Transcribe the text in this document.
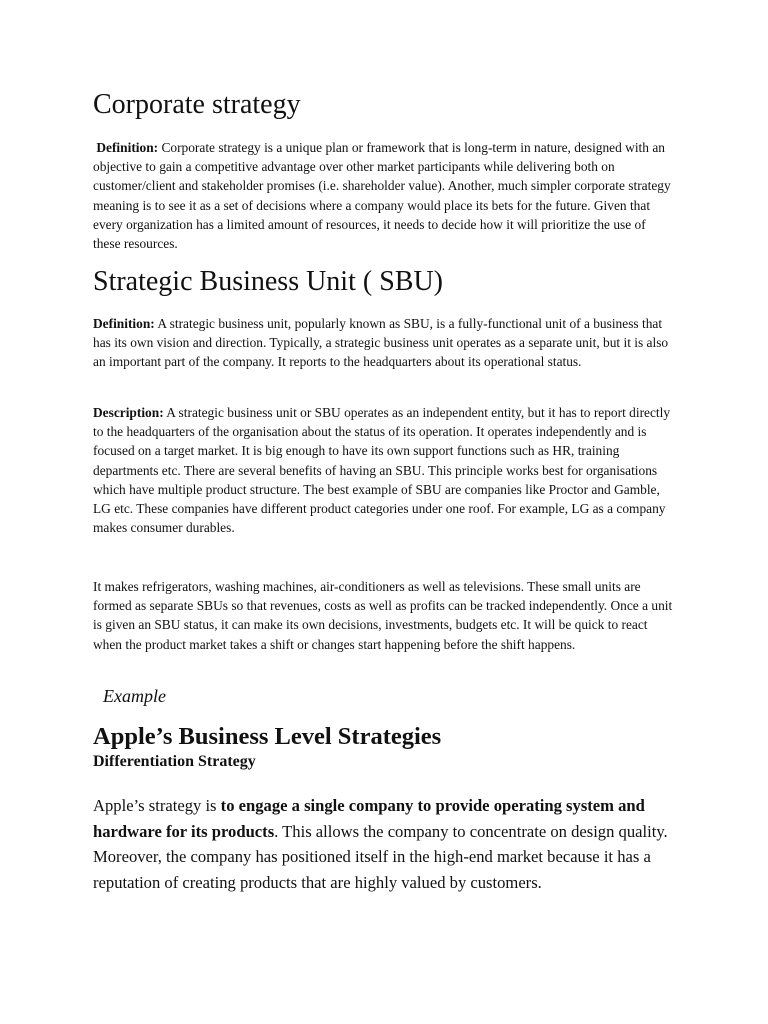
Corporate strategy

Definition: Corporate strategy is a unique plan or framework that is long-term in nature, designed with an objective to gain a competitive advantage over other market participants while delivering both on customer/client and stakeholder promises (i.e. shareholder value). Another, much simpler corporate strategy meaning is to see it as a set of decisions where a company would place its bets for the future. Given that every organization has a limited amount of resources, it needs to decide how it will prioritize the use of these resources.

Strategic Business Unit ( SBU)

Definition: A strategic business unit, popularly known as SBU, is a fully-functional unit of a business that has its own vision and direction. Typically, a strategic business unit operates as a separate unit, but it is also an important part of the company. It reports to the headquarters about its operational status.

Description: A strategic business unit or SBU operates as an independent entity, but it has to report directly to the headquarters of the organisation about the status of its operation. It operates independently and is focused on a target market. It is big enough to have its own support functions such as HR, training departments etc. There are several benefits of having an SBU. This principle works best for organisations which have multiple product structure. The best example of SBU are companies like Proctor and Gamble, LG etc. These companies have different product categories under one roof. For example, LG as a company makes consumer durables.

It makes refrigerators, washing machines, air-conditioners as well as televisions. These small units are formed as separate SBUs so that revenues, costs as well as profits can be tracked independently. Once a unit is given an SBU status, it can make its own decisions, investments, budgets etc. It will be quick to react when the product market takes a shift or changes start happening before the shift happens.

Example
Apple’s Business Level Strategies
Differentiation Strategy

Apple’s strategy is to engage a single company to provide operating system and hardware for its products. This allows the company to concentrate on design quality. Moreover, the company has positioned itself in the high-end market because it has a reputation of creating products that are highly valued by customers.
